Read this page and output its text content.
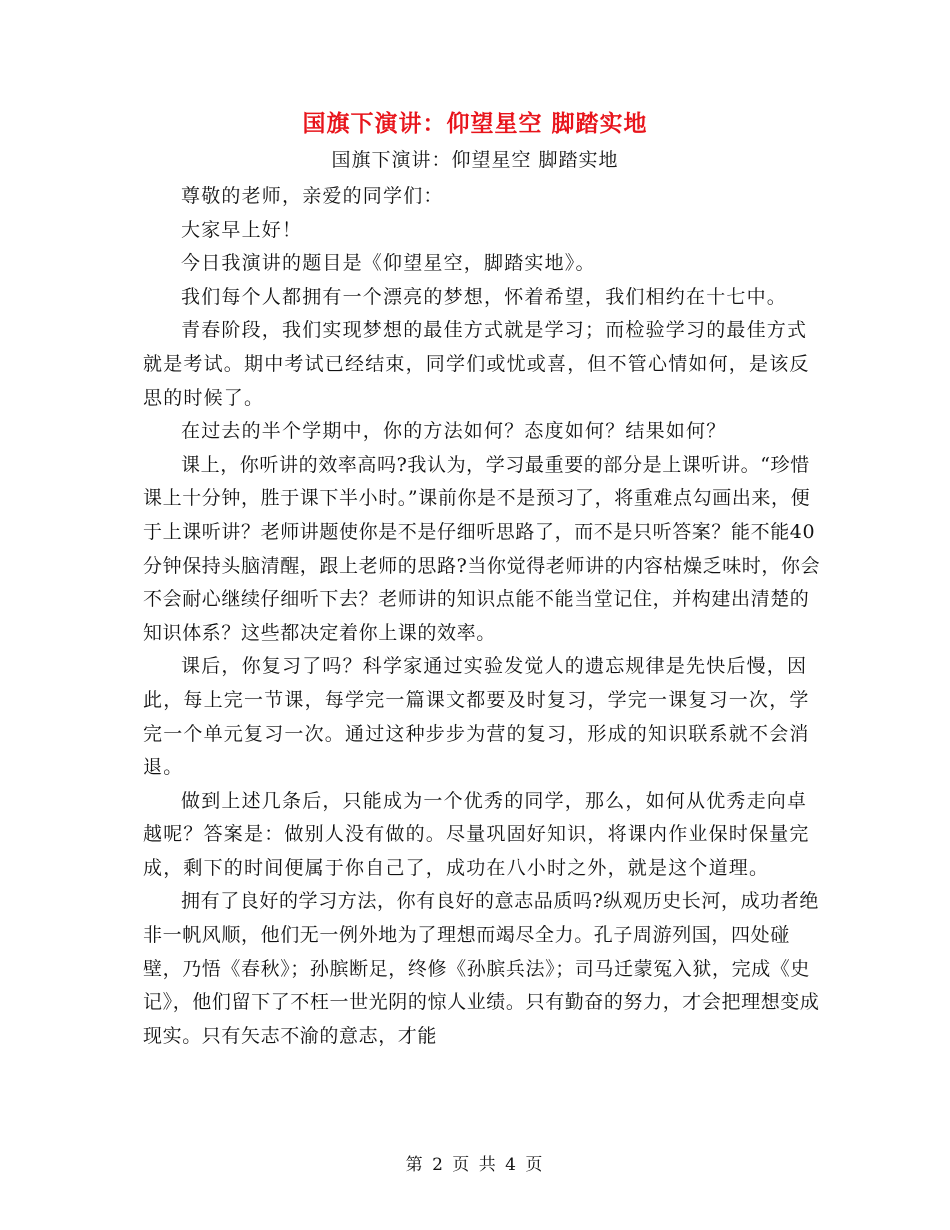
国旗下演讲：仰望星空 脚踏实地
国旗下演讲：仰望星空 脚踏实地

尊敬的老师，亲爱的同学们：

大家早上好！

今日我演讲的题目是《仰望星空，脚踏实地》。

我们每个人都拥有一个漂亮的梦想，怀着希望，我们相约在十七中。

青春阶段，我们实现梦想的最佳方式就是学习；而检验学习的最佳方式就是考试。期中考试已经结束，同学们或忧或喜，但不管心情如何，是该反思的时候了。

在过去的半个学期中，你的方法如何？态度如何？结果如何？

课上，你听讲的效率高吗?我认为，学习最重要的部分是上课听讲。“珍惜课上十分钟，胜于课下半小时。”课前你是不是预习了，将重难点勾画出来，便于上课听讲？老师讲题使你是不是仔细听思路了，而不是只听答案？能不能40分钟保持头脑清醒，跟上老师的思路?当你觉得老师讲的内容枯燥乏味时，你会不会耐心继续仔细听下去？老师讲的知识点能不能当堂记住，并构建出清楚的知识体系？这些都决定着你上课的效率。

课后，你复习了吗？科学家通过实验发觉人的遗忘规律是先快后慢，因此，每上完一节课，每学完一篇课文都要及时复习，学完一课复习一次，学完一个单元复习一次。通过这种步步为营的复习，形成的知识联系就不会消退。

做到上述几条后，只能成为一个优秀的同学，那么，如何从优秀走向卓越呢？答案是：做别人没有做的。尽量巩固好知识，将课内作业保时保量完成，剩下的时间便属于你自己了，成功在八小时之外，就是这个道理。

拥有了良好的学习方法，你有良好的意志品质吗?纵观历史长河，成功者绝非一帆风顺，他们无一例外地为了理想而竭尽全力。孔子周游列国，四处碰壁，乃悟《春秋》；孙膑断足，终修《孙膑兵法》；司马迁蒙冤入狱，完成《史记》，他们留下了不枉一世光阴的惊人业绩。只有勤奋的努力，才会把理想变成现实。只有矢志不渝的意志，才能

第 2 页 共 4 页
